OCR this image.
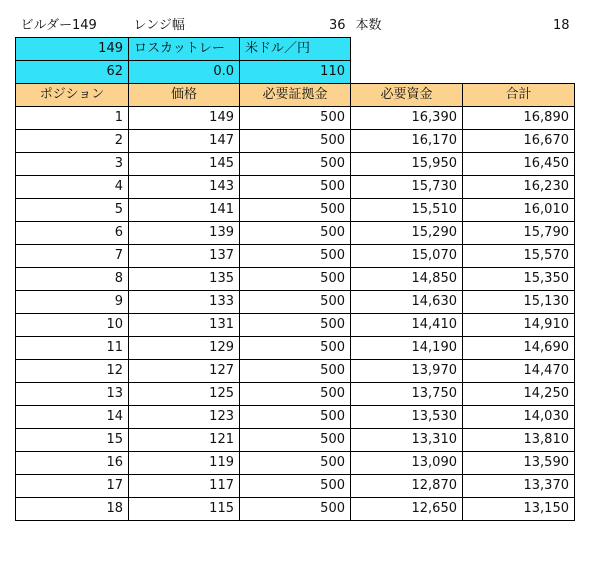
ビルダー149	レンジ幅	36	本数	18
149	ロスカットレー	米ドル／円		
62	0.0	110		
ポジション	価格	必要証拠金	必要資金	合計
1	149	500	16,390	16,890
2	147	500	16,170	16,670
3	145	500	15,950	16,450
4	143	500	15,730	16,230
5	141	500	15,510	16,010
6	139	500	15,290	15,790
7	137	500	15,070	15,570
8	135	500	14,850	15,350
9	133	500	14,630	15,130
10	131	500	14,410	14,910
11	129	500	14,190	14,690
12	127	500	13,970	14,470
13	125	500	13,750	14,250
14	123	500	13,530	14,030
15	121	500	13,310	13,810
16	119	500	13,090	13,590
17	117	500	12,870	13,370
18	115	500	12,650	13,150
